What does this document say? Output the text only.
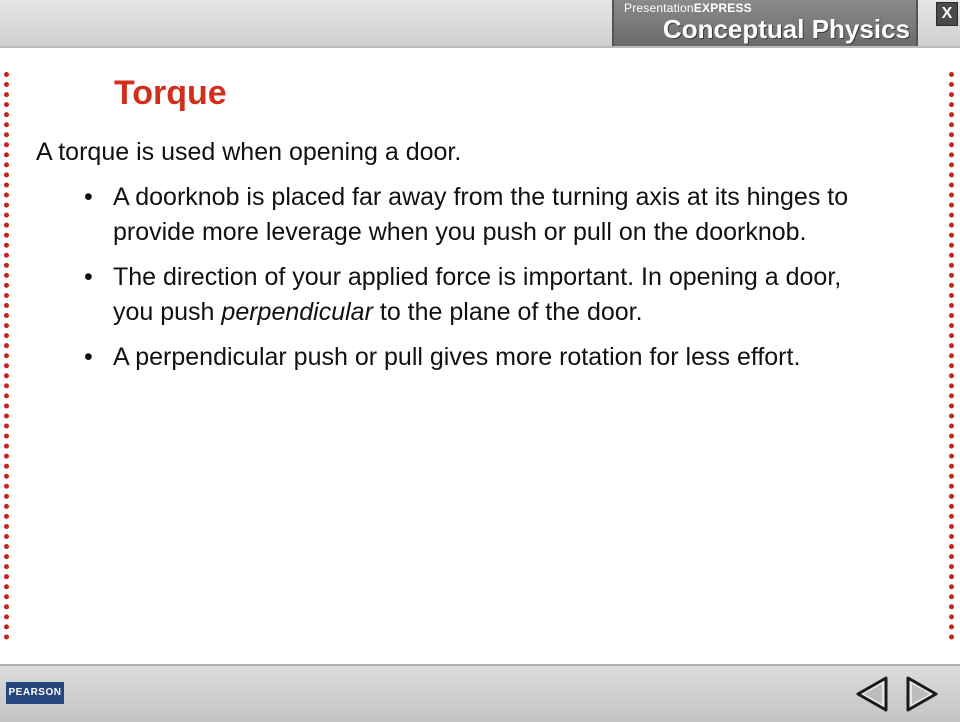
PresentationEXPRESS
Conceptual Physics
X
Torque
A torque is used when opening a door.
• A doorknob is placed far away from the turning axis at its hinges to provide more leverage when you push or pull on the doorknob.
• The direction of your applied force is important. In opening a door, you push perpendicular to the plane of the door.
• A perpendicular push or pull gives more rotation for less effort.
PEARSON
